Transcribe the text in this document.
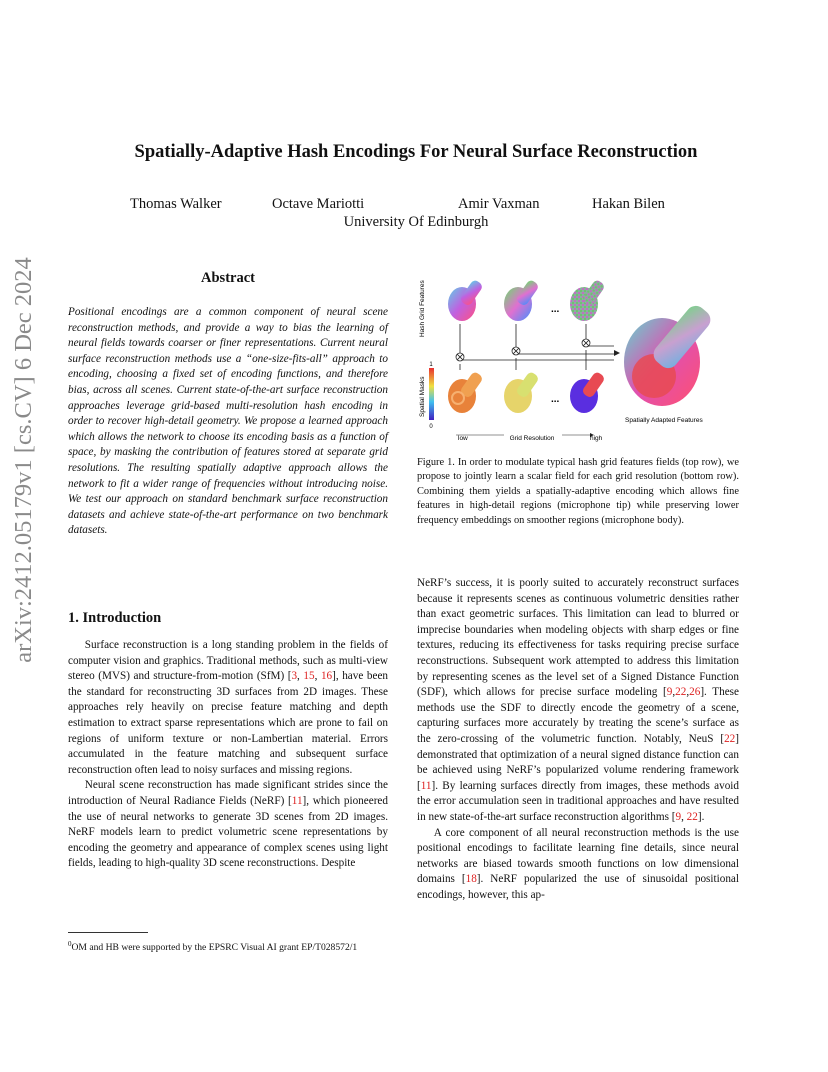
arXiv:2412.05179v1 [cs.CV] 6 Dec 2024
Spatially-Adaptive Hash Encodings For Neural Surface Reconstruction
Thomas Walker	Octave Mariotti	Amir Vaxman	Hakan Bilen
University Of Edinburgh
Abstract
Positional encodings are a common component of neural scene reconstruction methods, and provide a way to bias the learning of neural fields towards coarser or finer representations. Current neural surface reconstruction methods use a “one-size-fits-all” approach to encoding, choosing a fixed set of encoding functions, and therefore bias, across all scenes. Current state-of-the-art surface reconstruction approaches leverage grid-based multi-resolution hash encoding in order to recover high-detail geometry. We propose a learned approach which allows the network to choose its encoding basis as a function of space, by masking the contribution of features stored at separate grid resolutions. The resulting spatially adaptive approach allows the network to fit a wider range of frequencies without introducing noise. We test our approach on standard benchmark surface reconstruction datasets and achieve state-of-the-art performance on two benchmark datasets.
1. Introduction

Surface reconstruction is a long standing problem in the fields of computer vision and graphics. Traditional methods, such as multi-view stereo (MVS) and structure-from-motion (SfM) [3, 15, 16], have been the standard for reconstructing 3D surfaces from 2D images. These approaches rely heavily on precise feature matching and depth estimation to extract sparse representations which are prone to fail on regions of uniform texture or non-Lambertian material. Errors accumulated in the feature matching and subsequent surface reconstruction often lead to noisy surfaces and missing regions.

Neural scene reconstruction has made significant strides since the introduction of Neural Radiance Fields (NeRF) [11], which pioneered the use of neural networks to generate 3D scenes from 2D images. NeRF models learn to predict volumetric scene representations by encoding the geometry and appearance of complex scenes using light fields, leading to high-quality 3D scene reconstructions. Despite

$^0$OM and HB were supported by the EPSRC Visual AI grant EP/T028572/1
Hash Grid Features
Spatial Masks
1
0
...
...
low	Grid Resolution	high
Spatially Adapted Features
Figure 1. In order to modulate typical hash grid features fields (top row), we propose to jointly learn a scalar field for each grid resolution (bottom row). Combining them yields a spatially-adaptive encoding which allows fine features in high-detail regions (microphone tip) while preserving lower frequency embeddings on smoother regions (microphone body).

NeRF’s success, it is poorly suited to accurately reconstruct surfaces because it represents scenes as continuous volumetric densities rather than exact geometric surfaces. This limitation can lead to blurred or imprecise boundaries when modeling objects with sharp edges or fine textures, reducing its effectiveness for tasks requiring precise surface reconstructions. Subsequent work attempted to address this limitation by representing scenes as the level set of a Signed Distance Function (SDF), which allows for precise surface modeling [9,22,26]. These methods use the SDF to directly encode the geometry of a scene, capturing surfaces more accurately by treating the scene’s surface as the zero-crossing of the volumetric function. Notably, NeuS [22] demonstrated that optimization of a neural signed distance function can be achieved using NeRF’s popularized volume rendering framework [11]. By learning surfaces directly from images, these methods avoid the error accumulation seen in traditional approaches and have resulted in new state-of-the-art surface reconstruction algorithms [9, 22].

A core component of all neural reconstruction methods is the use positional encodings to facilitate learning fine details, since neural networks are biased towards smooth functions on low dimensional domains [18]. NeRF popularized the use of sinusoidal positional encodings, however, this ap-
